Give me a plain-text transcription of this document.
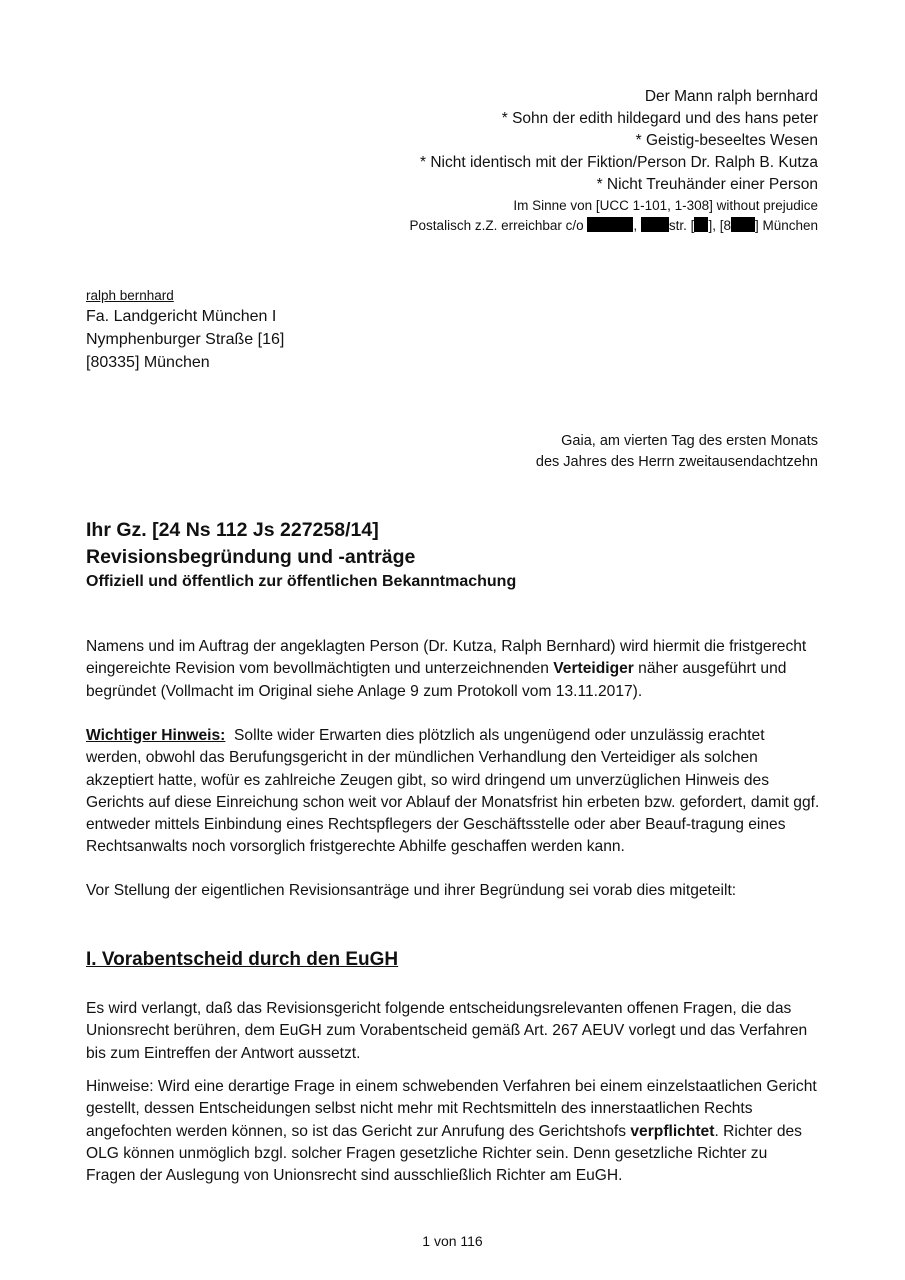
Der Mann ralph bernhard
* Sohn der edith hildegard und des hans peter
* Geistig-beseeltes Wesen
* Nicht identisch mit der Fiktion/Person Dr. Ralph B. Kutza
* Nicht Treuhänder einer Person
Im Sinne von [UCC 1-101, 1-308] without prejudice
Postalisch z.Z. erreichbar c/o	, str. [ ], [8 ] München
ralph bernhard
Fa. Landgericht München I
Nymphenburger Straße [16]
[80335] München
Gaia, am vierten Tag des ersten Monats
des Jahres des Herrn zweitausendachtzehn
Ihr Gz. [24 Ns 112 Js 227258/14]
Revisionsbegründung und -anträge
Offiziell und öffentlich zur öffentlichen Bekanntmachung

Namens und im Auftrag der angeklagten Person (Dr. Kutza, Ralph Bernhard) wird hiermit die fristgerecht eingereichte Revision vom bevollmächtigten und unterzeichnenden Verteidiger näher ausgeführt und begründet (Vollmacht im Original siehe Anlage 9 zum Protokoll vom 13.11.2017).

Wichtiger Hinweis: Sollte wider Erwarten dies plötzlich als ungenügend oder unzulässig erachtet werden, obwohl das Berufungsgericht in der mündlichen Verhandlung den Verteidiger als solchen akzeptiert hatte, wofür es zahlreiche Zeugen gibt, so wird dringend um unverzüglichen Hinweis des Gerichts auf diese Einreichung schon weit vor Ablauf der Monatsfrist hin erbeten bzw. gefordert, damit ggf. entweder mittels Einbindung eines Rechtspflegers der Geschäftsstelle oder aber Beauf-tragung eines Rechtsanwalts noch vorsorglich fristgerechte Abhilfe geschaffen werden kann.

Vor Stellung der eigentlichen Revisionsanträge und ihrer Begründung sei vorab dies mitgeteilt:

I. Vorabentscheid durch den EuGH

Es wird verlangt, daß das Revisionsgericht folgende entscheidungsrelevanten offenen Fragen, die das Unionsrecht berühren, dem EuGH zum Vorabentscheid gemäß Art. 267 AEUV vorlegt und das Verfahren bis zum Eintreffen der Antwort aussetzt.

Hinweise: Wird eine derartige Frage in einem schwebenden Verfahren bei einem einzelstaatlichen Gericht gestellt, dessen Entscheidungen selbst nicht mehr mit Rechtsmitteln des innerstaatlichen Rechts angefochten werden können, so ist das Gericht zur Anrufung des Gerichtshofs verpflichtet. Richter des OLG können unmöglich bzgl. solcher Fragen gesetzliche Richter sein. Denn gesetzliche Richter zu Fragen der Auslegung von Unionsrecht sind ausschließlich Richter am EuGH.

1 von 116
